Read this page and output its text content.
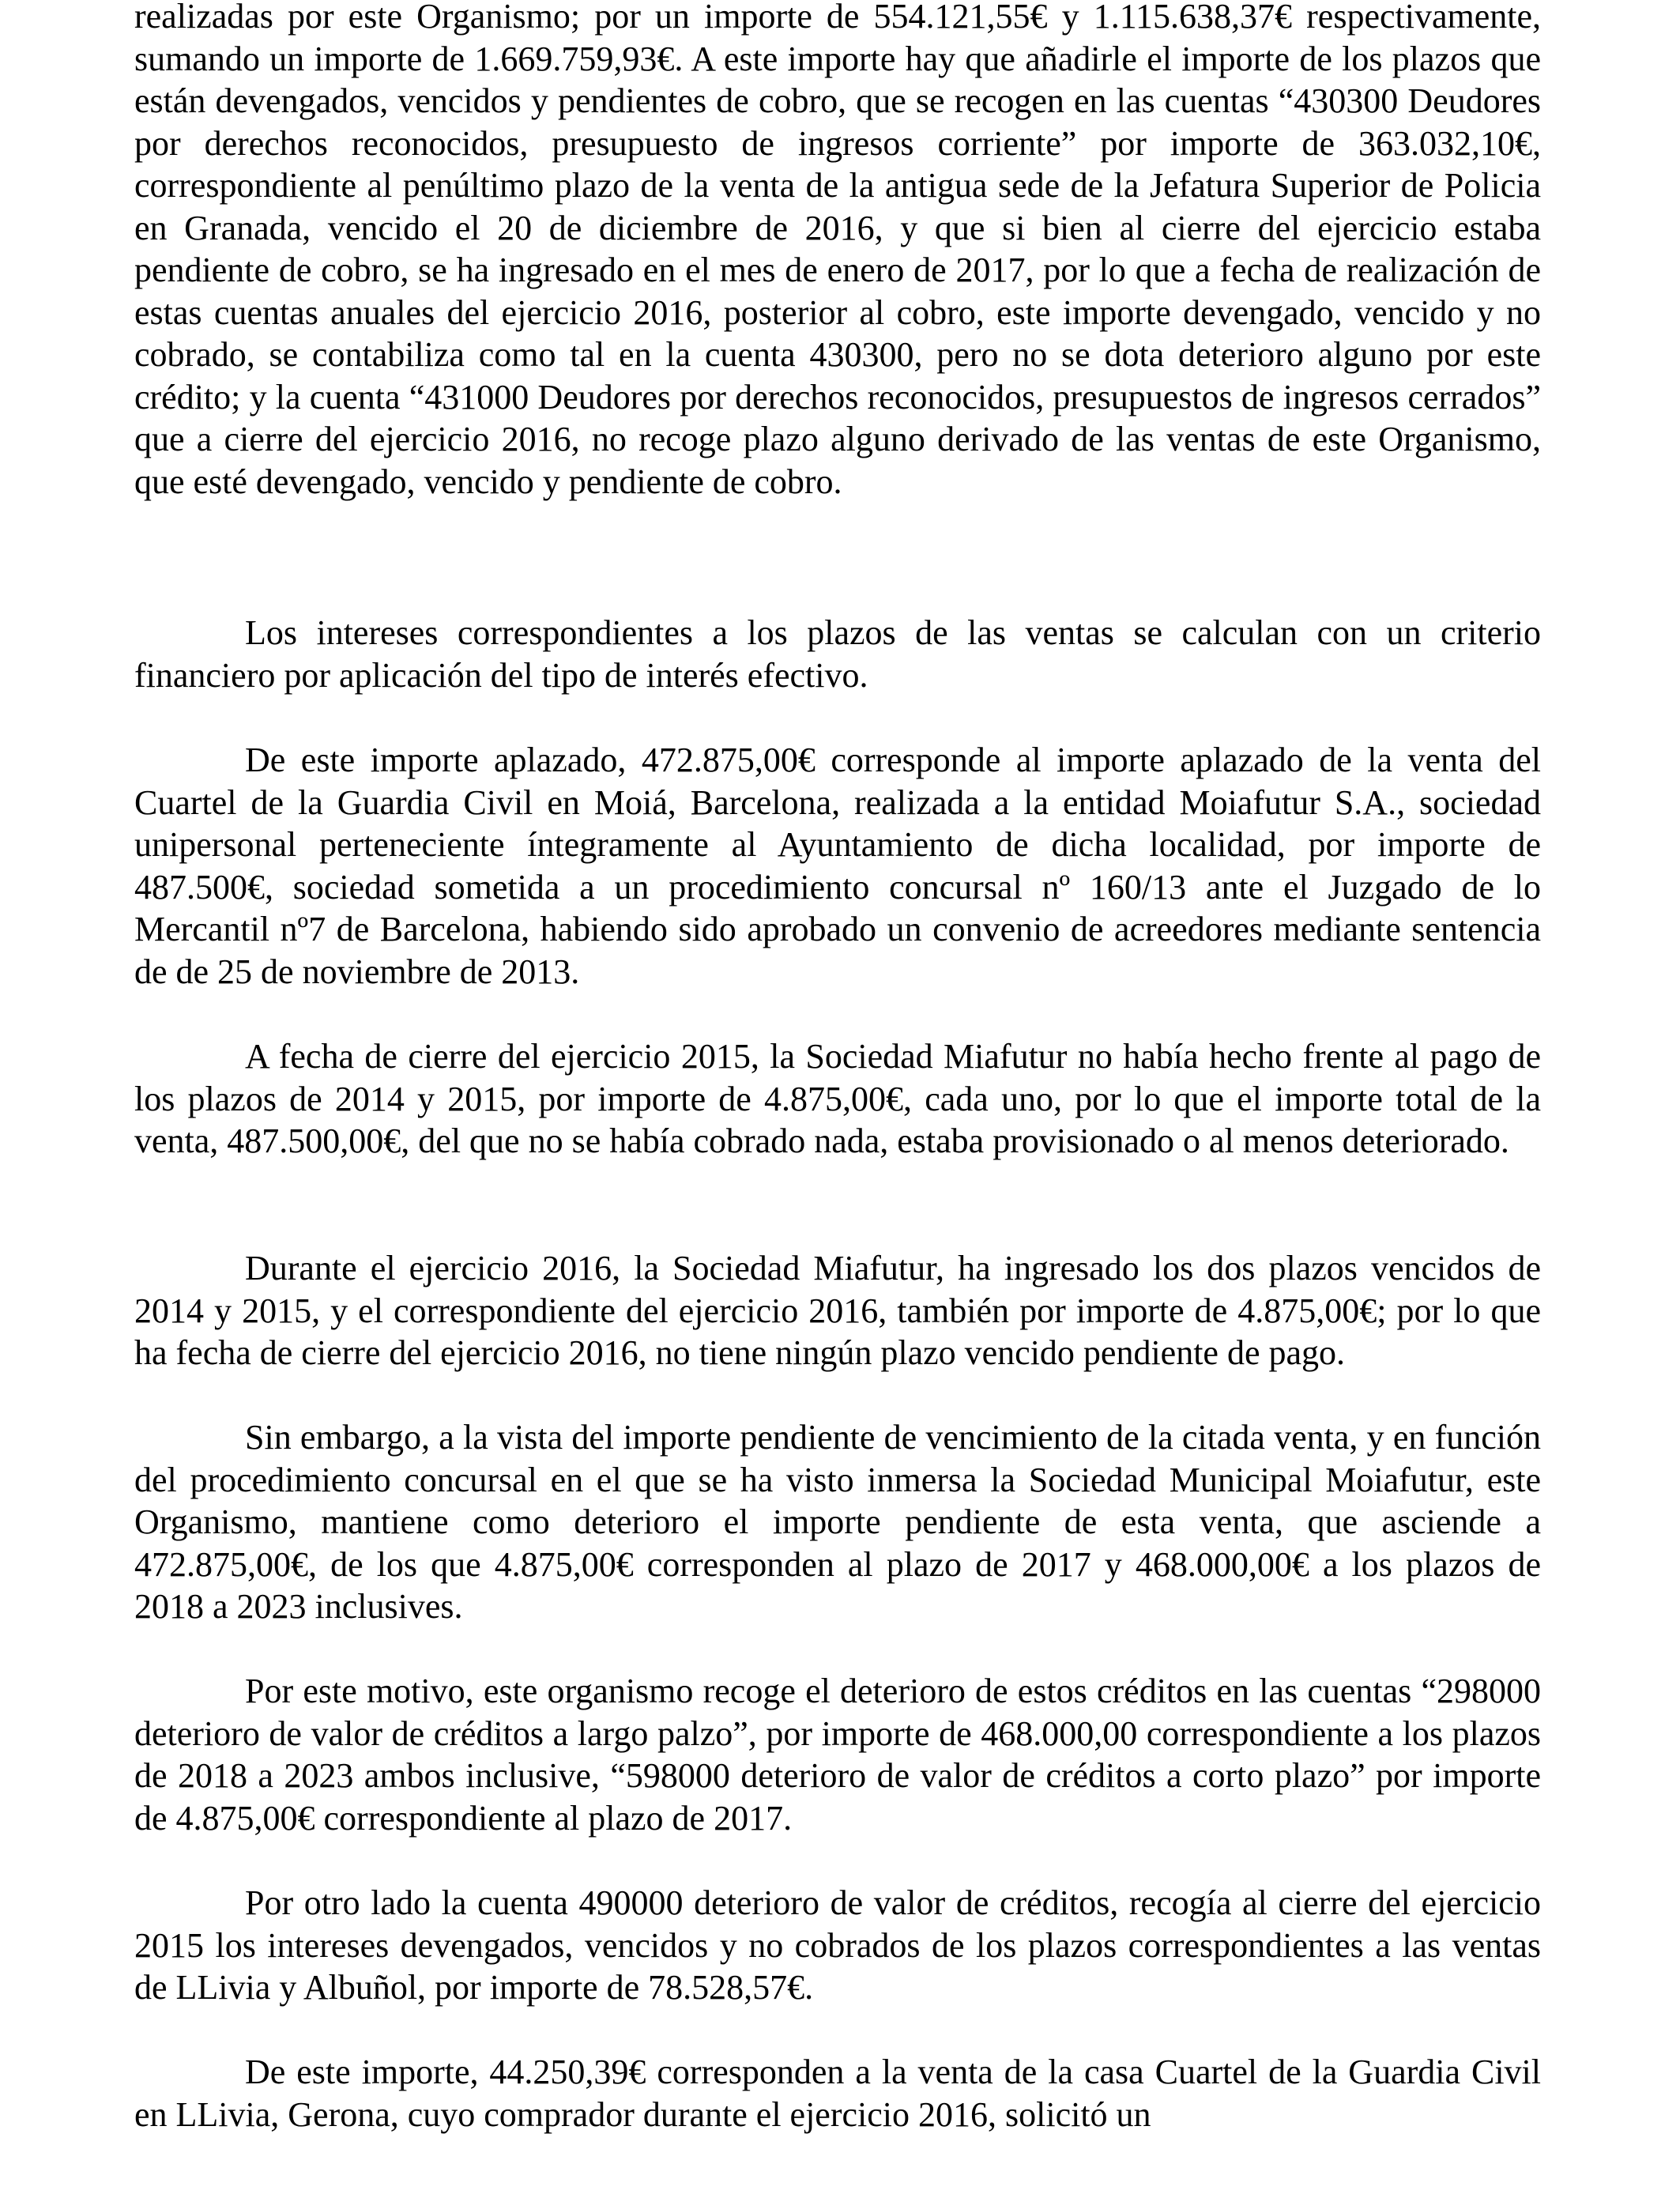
realizadas por este Organismo; por un importe de 554.121,55€ y 1.115.638,37€ respectivamente, sumando un importe de 1.669.759,93€. A este importe hay que añadirle el importe de los plazos que están devengados, vencidos y pendientes de cobro, que se recogen en las cuentas “430300 Deudores por derechos reconocidos, presupuesto de ingresos corriente” por importe de 363.032,10€, correspondiente al penúltimo plazo de la venta de la antigua sede de la Jefatura Superior de Policia en Granada, vencido el 20 de diciembre de 2016, y que si bien al cierre del ejercicio estaba pendiente de cobro, se ha ingresado en el mes de enero de 2017, por lo que a fecha de realización de estas cuentas anuales del ejercicio 2016, posterior al cobro, este importe devengado, vencido y no cobrado, se contabiliza como tal en la cuenta 430300, pero no se dota deterioro alguno por este crédito; y la cuenta “431000 Deudores por derechos reconocidos, presupuestos de ingresos cerrados” que a cierre del ejercicio 2016, no recoge plazo alguno derivado de las ventas de este Organismo, que esté devengado, vencido y pendiente de cobro.

Los intereses correspondientes a los plazos de las ventas se calculan con un criterio financiero por aplicación del tipo de interés efectivo.

De este importe aplazado, 472.875,00€ corresponde al importe aplazado de la venta del Cuartel de la Guardia Civil en Moiá, Barcelona, realizada a la entidad Moiafutur S.A., sociedad unipersonal perteneciente íntegramente al Ayuntamiento de dicha localidad, por importe de 487.500€, sociedad sometida a un procedimiento concursal nº 160/13 ante el Juzgado de lo Mercantil nº7 de Barcelona, habiendo sido aprobado un convenio de acreedores mediante sentencia de de 25 de noviembre de 2013.

A fecha de cierre del ejercicio 2015, la Sociedad Miafutur no había hecho frente al pago de los plazos de 2014 y 2015, por importe de 4.875,00€, cada uno, por lo que el importe total de la venta, 487.500,00€, del que no se había cobrado nada, estaba provisionado o al menos deteriorado.

Durante el ejercicio 2016, la Sociedad Miafutur, ha ingresado los dos plazos vencidos de 2014 y 2015, y el correspondiente del ejercicio 2016, también por importe de 4.875,00€; por lo que ha fecha de cierre del ejercicio 2016, no tiene ningún plazo vencido pendiente de pago.

Sin embargo, a la vista del importe pendiente de vencimiento de la citada venta, y en función del procedimiento concursal en el que se ha visto inmersa la Sociedad Municipal Moiafutur, este Organismo, mantiene como deterioro el importe pendiente de esta venta, que asciende a 472.875,00€, de los que 4.875,00€ corresponden al plazo de 2017 y 468.000,00€ a los plazos de 2018 a 2023 inclusives.

Por este motivo, este organismo recoge el deterioro de estos créditos en las cuentas “298000 deterioro de valor de créditos a largo palzo”, por importe de 468.000,00 correspondiente a los plazos de 2018 a 2023 ambos inclusive, “598000 deterioro de valor de créditos a corto plazo” por importe de 4.875,00€ correspondiente al plazo de 2017.

Por otro lado la cuenta 490000 deterioro de valor de créditos, recogía al cierre del ejercicio 2015 los intereses devengados, vencidos y no cobrados de los plazos correspondientes a las ventas de LLivia y Albuñol, por importe de 78.528,57€.

De este importe, 44.250,39€ corresponden a la venta de la casa Cuartel de la Guardia Civil en LLivia, Gerona, cuyo comprador durante el ejercicio 2016, solicitó un
